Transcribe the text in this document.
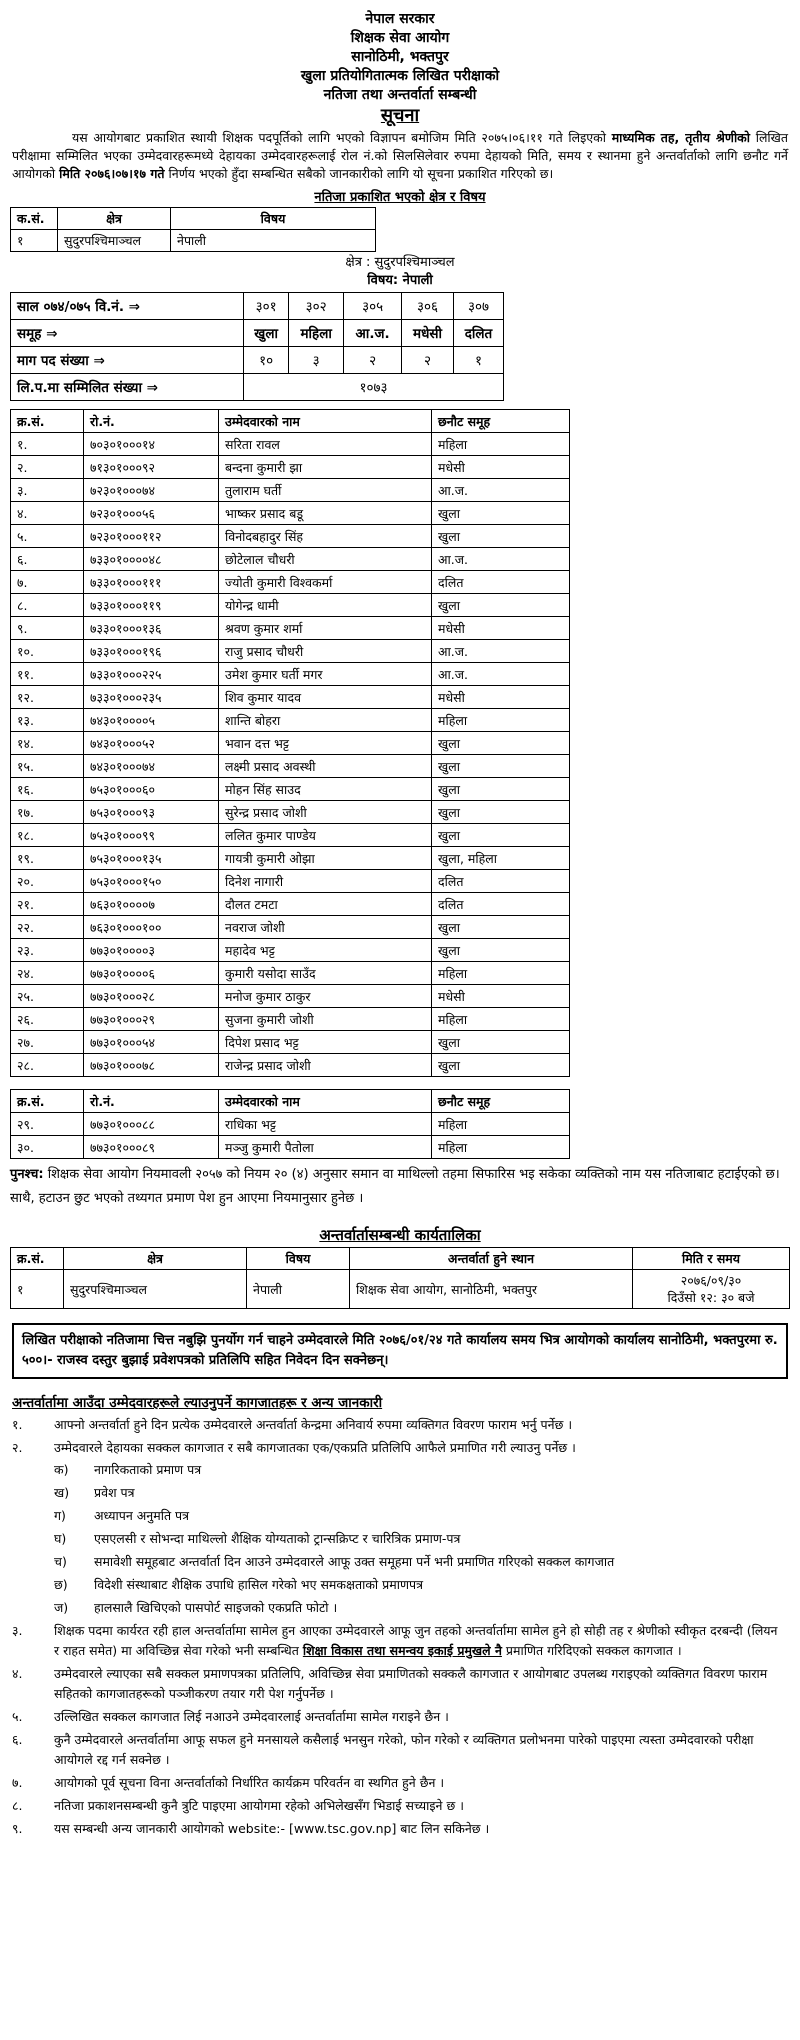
नेपाल सरकार
शिक्षक सेवा आयोग
सानोठिमी, भक्तपुर
खुला प्रतियोगितात्मक लिखित परीक्षाको
नतिजा तथा अन्तर्वार्ता सम्बन्धी
सूचना

यस आयोगबाट प्रकाशित स्थायी शिक्षक पदपूर्तिको लागि भएको विज्ञापन बमोजिम मिति २०७५।०६।११ गते लिइएको माध्यमिक तह, तृतीय श्रेणीको लिखित परीक्षामा सम्मिलित भएका उम्मेदवारहरूमध्ये देहायका उम्मेदवारहरूलाई रोल नं.को सिलसिलेवार रुपमा देहायको मिति, समय र स्थानमा हुने अन्तर्वार्ताको लागि छनौट गर्ने आयोगको मिति २०७६।०७।१७ गते निर्णय भएको हुँदा सम्बन्धित सबैको जानकारीको लागि यो सूचना प्रकाशित गरिएको छ।

नतिजा प्रकाशित भएको क्षेत्र र विषय
क.सं.	क्षेत्र	विषय
१	सुदुरपश्चिमाञ्चल	नेपाली
क्षेत्र : सुदुरपश्चिमाञ्चल
विषय: नेपाली
साल ०७४/०७५ वि.नं. ⇒	३०१	३०२	३०५	३०६	३०७
समूह ⇒	खुला	महिला	आ.ज.	मधेसी	दलित
माग पद संख्या ⇒	१०	३	२	२	१
लि.प.मा सम्मिलित संख्या ⇒	१०७३				
क्र.सं.	रो.नं.	उम्मेदवारको नाम	छनौट समूह
१.	७०३०१०००१४	सरिता रावल	महिला
२.	७१३०१०००९२	बन्दना कुमारी झा	मधेसी
३.	७२३०१०००७४	तुलाराम घर्ती	आ.ज.
४.	७२३०१०००५६	भाष्कर प्रसाद बडू	खुला
५.	७२३०१०००११२	विनोदबहादुर सिंह	खुला
६.	७३३०१००००४८	छोटेलाल चौधरी	आ.ज.
७.	७३३०१०००१११	ज्योती कुमारी विश्वकर्मा	दलित
८.	७३३०१०००११९	योगेन्द्र धामी	खुला
९.	७३३०१०००१३६	श्रवण कुमार शर्मा	मधेसी
१०.	७३३०१०००१९६	राजु प्रसाद चौधरी	आ.ज.
११.	७३३०१०००२२५	उमेश कुमार घर्ती मगर	आ.ज.
१२.	७३३०१०००२३५	शिव कुमार यादव	मधेसी
१३.	७४३०१००००५	शान्ति बोहरा	महिला
१४.	७४३०१०००५२	भवान दत्त भट्ट	खुला
१५.	७४३०१०००७४	लक्ष्मी प्रसाद अवस्थी	खुला
१६.	७५३०१०००६०	मोहन सिंह साउद	खुला
१७.	७५३०१०००९३	सुरेन्द्र प्रसाद जोशी	खुला
१८.	७५३०१०००९९	ललित कुमार पाण्डेय	खुला
१९.	७५३०१०००१३५	गायत्री कुमारी ओझा	खुला, महिला
२०.	७५३०१०००१५०	दिनेश नागारी	दलित
२१.	७६३०१००००७	दौलत टमटा	दलित
२२.	७६३०१०००१००	नवराज जोशी	खुला
२३.	७७३०१००००३	महादेव भट्ट	खुला
२४.	७७३०१००००६	कुमारी यसोदा साउँद	महिला
२५.	७७३०१०००२८	मनोज कुमार ठाकुर	मधेसी
२६.	७७३०१०००२९	सुजना कुमारी जोशी	महिला
२७.	७७३०१०००५४	दिपेश प्रसाद भट्ट	खुला
२८.	७७३०१०००७८	राजेन्द्र प्रसाद जोशी	खुला
क्र.सं.	रो.नं.	उम्मेदवारको नाम	छनौट समूह
२९.	७७३०१०००८८	राधिका भट्ट	महिला
३०.	७७३०१०००८९	मञ्जु कुमारी पैतोला	महिला

पुनश्च: शिक्षक सेवा आयोग नियमावली २०५७ को नियम २० (४) अनुसार समान वा माथिल्लो तहमा सिफारिस भइ सकेका व्यक्तिको नाम यस नतिजाबाट हटाईएको छ। साथै, हटाउन छुट भएको तथ्यगत प्रमाण पेश हुन आएमा नियमानुसार हुनेछ ।

अन्तर्वार्तासम्बन्धी कार्यतालिका
क्र.सं.	क्षेत्र	विषय	अन्तर्वार्ता हुने स्थान	मिति र समय
१	सुदुरपश्चिमाञ्चल	नेपाली	शिक्षक सेवा आयोग, सानोठिमी, भक्तपुर	२०७६/०९/३०
दिउँसो १२: ३० बजे
लिखित परीक्षाको नतिजामा चित्त नबुझि पुनर्योग गर्न चाहने उम्मेदवारले मिति २०७६/०१/२४ गते कार्यालय समय भित्र आयोगको कार्यालय सानोठिमी, भक्तपुरमा रु. ५००।- राजस्व दस्तुर बुझाई प्रवेशपत्रको प्रतिलिपि सहित निवेदन दिन सक्नेछन्।
अन्तर्वार्तामा आउँदा उम्मेदवारहरूले ल्याउनुपर्ने कागजातहरू र अन्य जानकारी
१.	आफ्नो अन्तर्वार्ता हुने दिन प्रत्येक उम्मेदवारले अन्तर्वार्ता केन्द्रमा अनिवार्य रुपमा व्यक्तिगत विवरण फाराम भर्नु पर्नेछ ।
२.	उम्मेदवारले देहायका सक्कल कागजात र सबै कागजातका एक/एकप्रति प्रतिलिपि आफैले प्रमाणित गरी ल्याउनु पर्नेछ ।
क) नागरिकताको प्रमाण पत्र
ख) प्रवेश पत्र
ग) अध्यापन अनुमति पत्र
घ) एसएलसी र सोभन्दा माथिल्लो शैक्षिक योग्यताको ट्रान्सक्रिप्ट र चारित्रिक प्रमाण-पत्र
च) समावेशी समूहबाट अन्तर्वार्ता दिन आउने उम्मेदवारले आफू उक्त समूहमा पर्ने भनी प्रमाणित गरिएको सक्कल कागजात
छ) विदेशी संस्थाबाट शैक्षिक उपाधि हासिल गरेको भए समकक्षताको प्रमाणपत्र
ज) हालसालै खिचिएको पासपोर्ट साइजको एकप्रति फोटो ।
३.	शिक्षक पदमा कार्यरत रही हाल अन्तर्वार्तामा सामेल हुन आएका उम्मेदवारले आफू जुन तहको अन्तर्वार्तामा सामेल हुने हो सोही तह र श्रेणीको स्वीकृत दरबन्दी (लियन र राहत समेत) मा अविच्छिन्न सेवा गरेको भनी सम्बन्धित शिक्षा विकास तथा समन्वय इकाई प्रमुखले नै प्रमाणित गरिदिएको सक्कल कागजात ।
४.	उम्मेदवारले ल्याएका सबै सक्कल प्रमाणपत्रका प्रतिलिपि, अविच्छिन्न सेवा प्रमाणितको सक्कलै कागजात र आयोगबाट उपलब्ध गराइएको व्यक्तिगत विवरण फाराम सहितको कागजातहरूको पञ्जीकरण तयार गरी पेश गर्नुपर्नेछ ।
५.	उल्लिखित सक्कल कागजात लिई नआउने उम्मेदवारलाई अन्तर्वार्तामा सामेल गराइने छैन ।
६.	कुनै उम्मेदवारले अन्तर्वार्तामा आफू सफल हुने मनसायले कसैलाई भनसुन गरेको, फोन गरेको र व्यक्तिगत प्रलोभनमा पारेको पाइएमा त्यस्ता उम्मेदवारको परीक्षा आयोगले रद्द गर्न सक्नेछ ।
७.	आयोगको पूर्व सूचना विना अन्तर्वार्ताको निर्धारित कार्यक्रम परिवर्तन वा स्थगित हुने छैन ।
८.	नतिजा प्रकाशनसम्बन्धी कुनै त्रुटि पाइएमा आयोगमा रहेको अभिलेखसँग भिडाई सच्याइने छ ।
९.	यस सम्बन्धी अन्य जानकारी आयोगको website:- [www.tsc.gov.np] बाट लिन सकिनेछ ।
